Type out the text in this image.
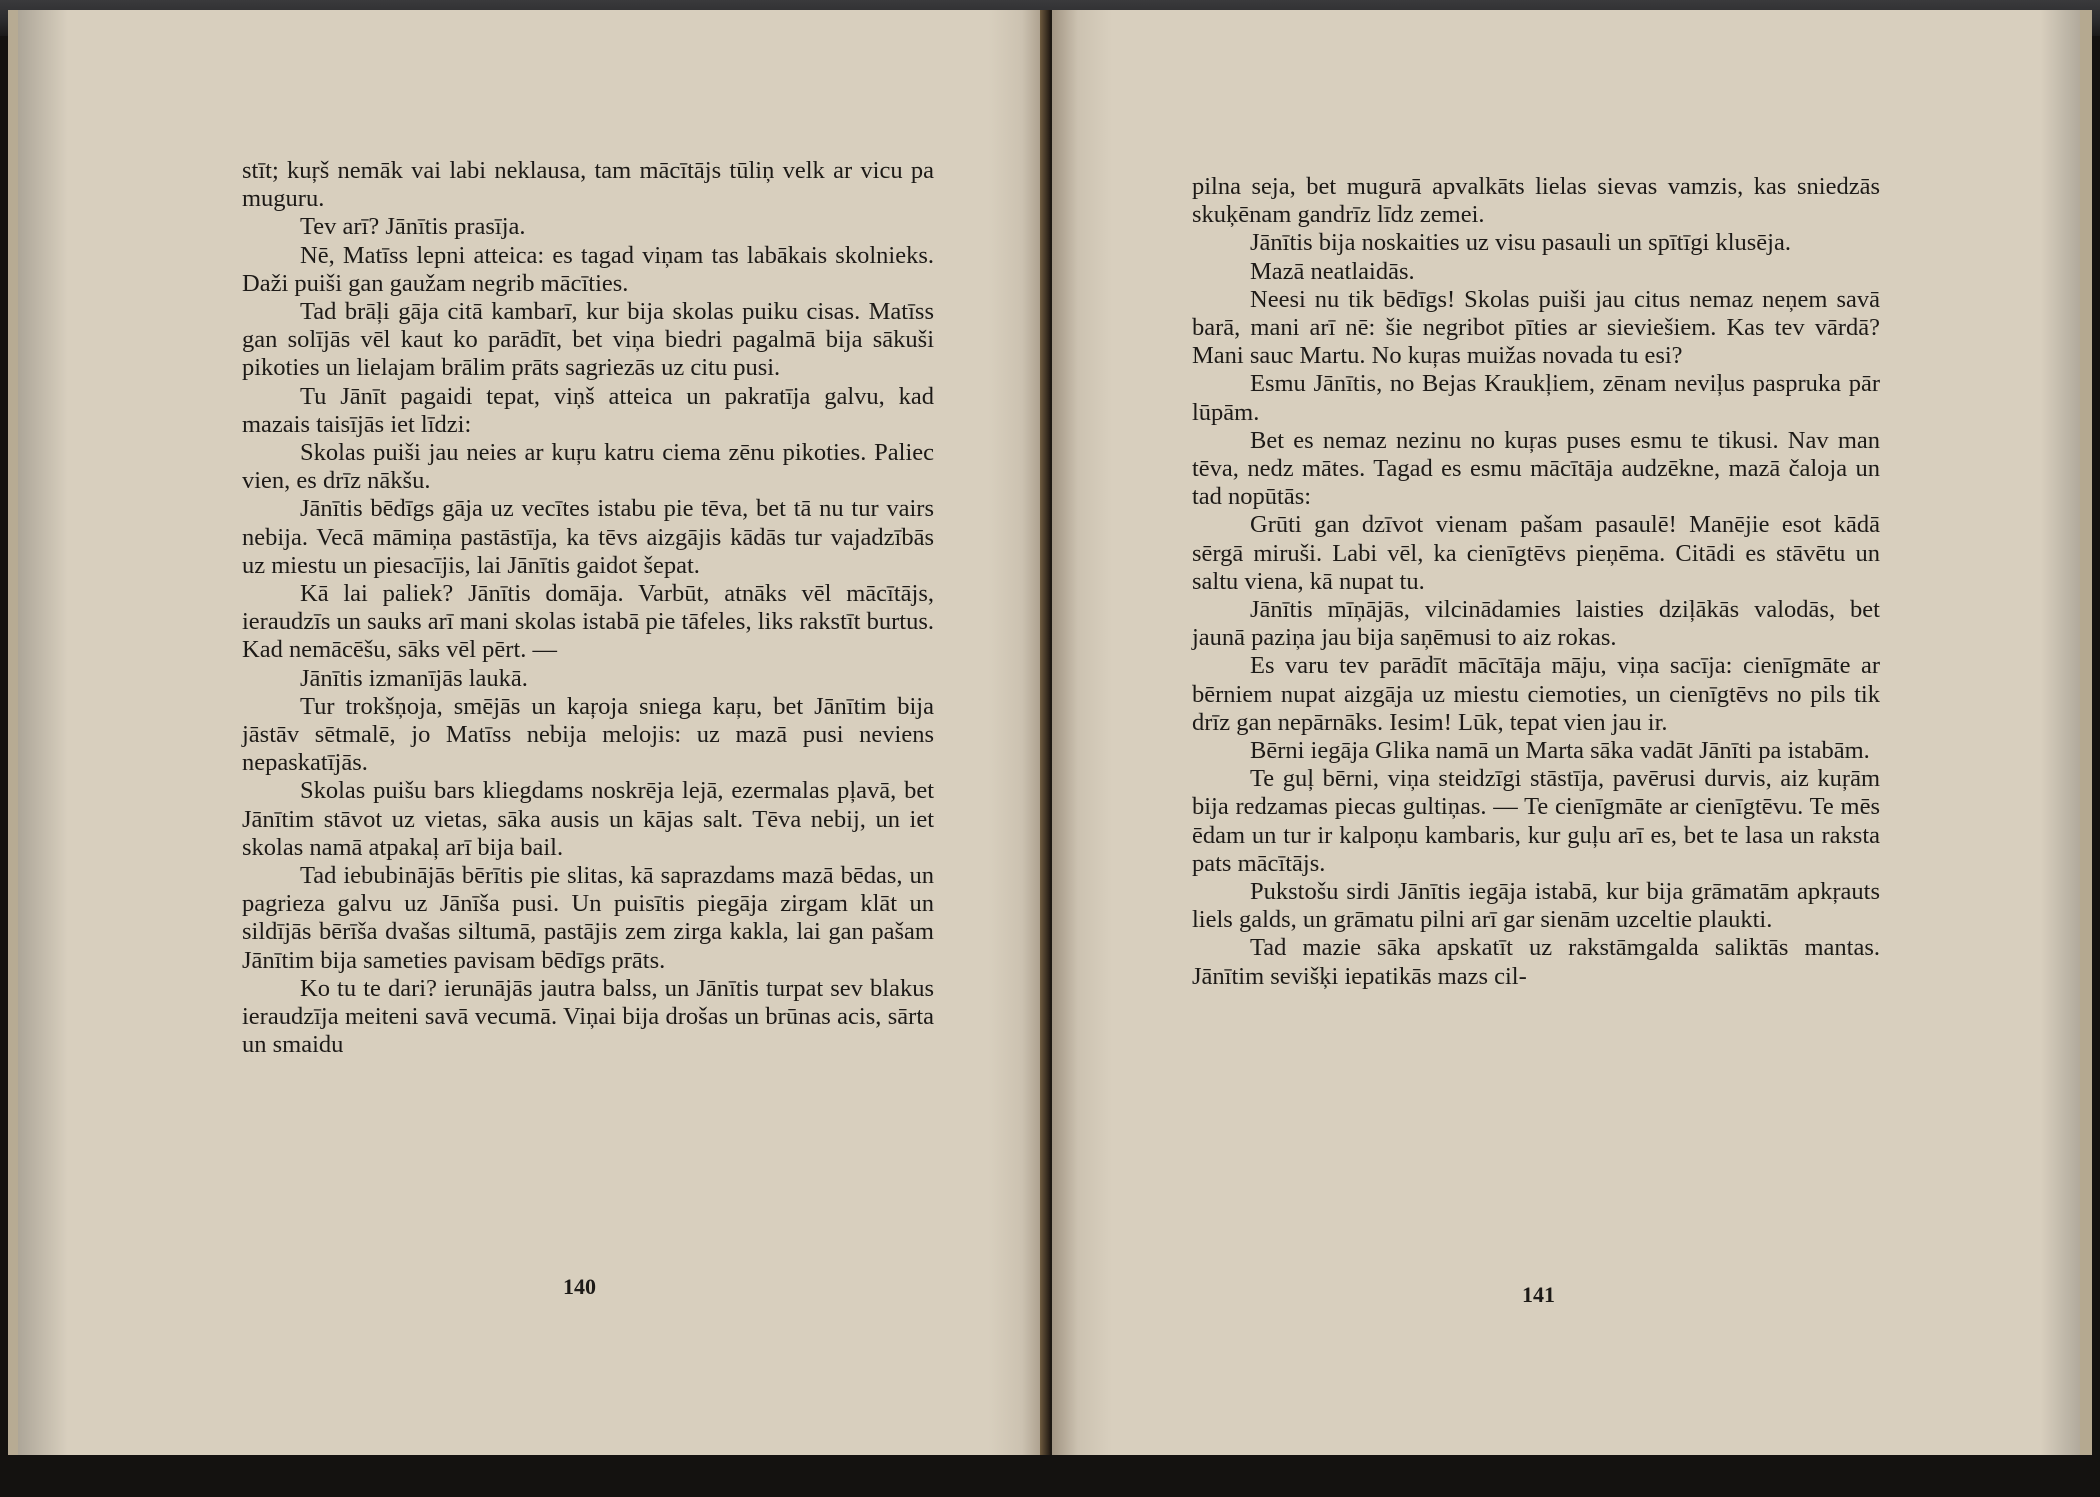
stīt; kuŗš nemāk vai labi neklausa, tam mācītājs tūliņ velk ar vicu pa muguru.

Tev arī? Jānītis prasīja.

Nē, Matīss lepni atteica: es tagad viņam tas labākais skolnieks. Daži puiši gan gaužam negrib mācīties.

Tad brāļi gāja citā kambarī, kur bija skolas puiku cisas. Matīss gan solījās vēl kaut ko parādīt, bet viņa biedri pagalmā bija sākuši pikoties un lielajam brālim prāts sagriezās uz citu pusi.

Tu Jānīt pagaidi tepat, viņš atteica un pakratīja galvu, kad mazais taisījās iet līdzi:

Skolas puiši jau neies ar kuŗu katru ciema zēnu pikoties. Paliec vien, es drīz nākšu.

Jānītis bēdīgs gāja uz vecītes istabu pie tēva, bet tā nu tur vairs nebija. Vecā māmiņa pastāstīja, ka tēvs aizgājis kādās tur vajadzībās uz miestu un piesacījis, lai Jānītis gaidot šepat.

Kā lai paliek? Jānītis domāja. Varbūt, atnāks vēl mācītājs, ieraudzīs un sauks arī mani skolas istabā pie tāfeles, liks rakstīt burtus. Kad nemācēšu, sāks vēl pērt. —

Jānītis izmanījās laukā.

Tur trokšņoja, smējās un kaŗoja sniega kaŗu, bet Jānītim bija jāstāv sētmalē, jo Matīss nebija melojis: uz mazā pusi neviens nepaskatījās.

Skolas puišu bars kliegdams noskrēja lejā, ezermalas pļavā, bet Jānītim stāvot uz vietas, sāka ausis un kājas salt. Tēva nebij, un iet skolas namā atpakaļ arī bija bail.

Tad iebubinājās bērītis pie slitas, kā saprazdams mazā bēdas, un pagrieza galvu uz Jānīša pusi. Un puisītis piegāja zirgam klāt un sildījās bērīša dvašas siltumā, pastājis zem zirga kakla, lai gan pašam Jānītim bija sameties pavisam bēdīgs prāts.

Ko tu te dari? ierunājās jautra balss, un Jānītis turpat sev blakus ieraudzīja meiteni savā vecumā. Viņai bija drošas un brūnas acis, sārta un smaidu

140

pilna seja, bet mugurā apvalkāts lielas sievas vamzis, kas sniedzās skuķēnam gandrīz līdz zemei.

Jānītis bija noskaities uz visu pasauli un spītīgi klusēja.

Mazā neatlaidās.

Neesi nu tik bēdīgs! Skolas puiši jau citus nemaz neņem savā barā, mani arī nē: šie negribot pīties ar sieviešiem. Kas tev vārdā? Mani sauc Martu. No kuŗas muižas novada tu esi?

Esmu Jānītis, no Bejas Kraukļiem, zēnam neviļus paspruka pār lūpām.

Bet es nemaz nezinu no kuŗas puses esmu te tikusi. Nav man tēva, nedz mātes. Tagad es esmu mācītāja audzēkne, mazā čaloja un tad nopūtās:

Grūti gan dzīvot vienam pašam pasaulē! Manējie esot kādā sērgā miruši. Labi vēl, ka cienīgtēvs pieņēma. Citādi es stāvētu un saltu viena, kā nupat tu.

Jānītis mīņājās, vilcinādamies laisties dziļākās valodās, bet jaunā paziņa jau bija saņēmusi to aiz rokas.

Es varu tev parādīt mācītāja māju, viņa sacīja: cienīgmāte ar bērniem nupat aizgāja uz miestu ciemoties, un cienīgtēvs no pils tik drīz gan nepārnāks. Iesim! Lūk, tepat vien jau ir.

Bērni iegāja Glika namā un Marta sāka vadāt Jānīti pa istabām.

Te guļ bērni, viņa steidzīgi stāstīja, pavērusi durvis, aiz kuŗām bija redzamas piecas gultiņas. — Te cienīgmāte ar cienīgtēvu. Te mēs ēdam un tur ir kalpoņu kambaris, kur guļu arī es, bet te lasa un raksta pats mācītājs.

Pukstošu sirdi Jānītis iegāja istabā, kur bija grāmatām apkŗauts liels galds, un grāmatu pilni arī gar sienām uzceltie plaukti.

Tad mazie sāka apskatīt uz rakstāmgalda saliktās mantas. Jānītim sevišķi iepatikās mazs cil-

141
